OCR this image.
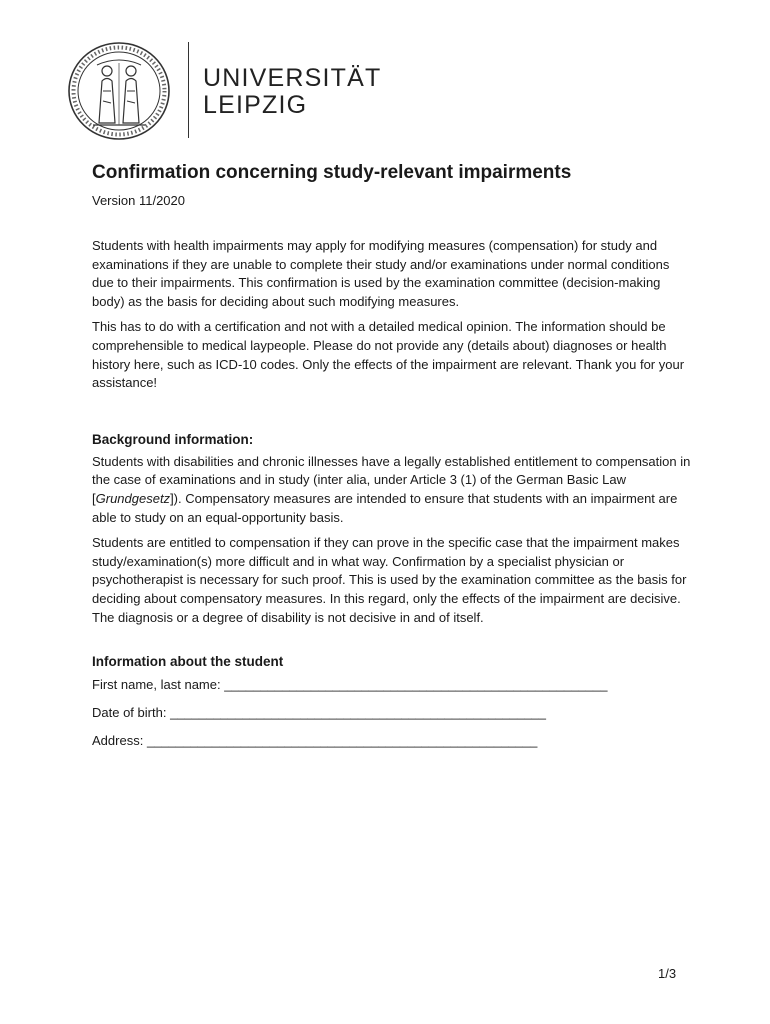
UNIVERSITÄT
LEIPZIG
Confirmation concerning study-relevant impairments
Version 11/2020

Students with health impairments may apply for modifying measures (compensation) for study and examinations if they are unable to complete their study and/or examinations under normal conditions due to their impairments. This confirmation is used by the examination committee (decision-making body) as the basis for deciding about such modifying measures.

This has to do with a certification and not with a detailed medical opinion. The information should be comprehensible to medical laypeople. Please do not provide any (details about) diagnoses or health history here, such as ICD-10 codes. Only the effects of the impairment are relevant. Thank you for your assistance!

Background information:

Students with disabilities and chronic illnesses have a legally established entitlement to compensation in the case of examinations and in study (inter alia, under Article 3 (1) of the German Basic Law [Grundgesetz]). Compensatory measures are intended to ensure that students with an impairment are able to study on an equal-opportunity basis.

Students are entitled to compensation if they can prove in the specific case that the impairment makes study/examination(s) more difficult and in what way. Confirmation by a specialist physician or psychotherapist is necessary for such proof. This is used by the examination committee as the basis for deciding about compensatory measures. In this regard, only the effects of the impairment are decisive. The diagnosis or a degree of disability is not decisive in and of itself.

Information about the student
First name, last name: _____________________________________________________
Date of birth: ____________________________________________________
Address: ______________________________________________________
1/3
